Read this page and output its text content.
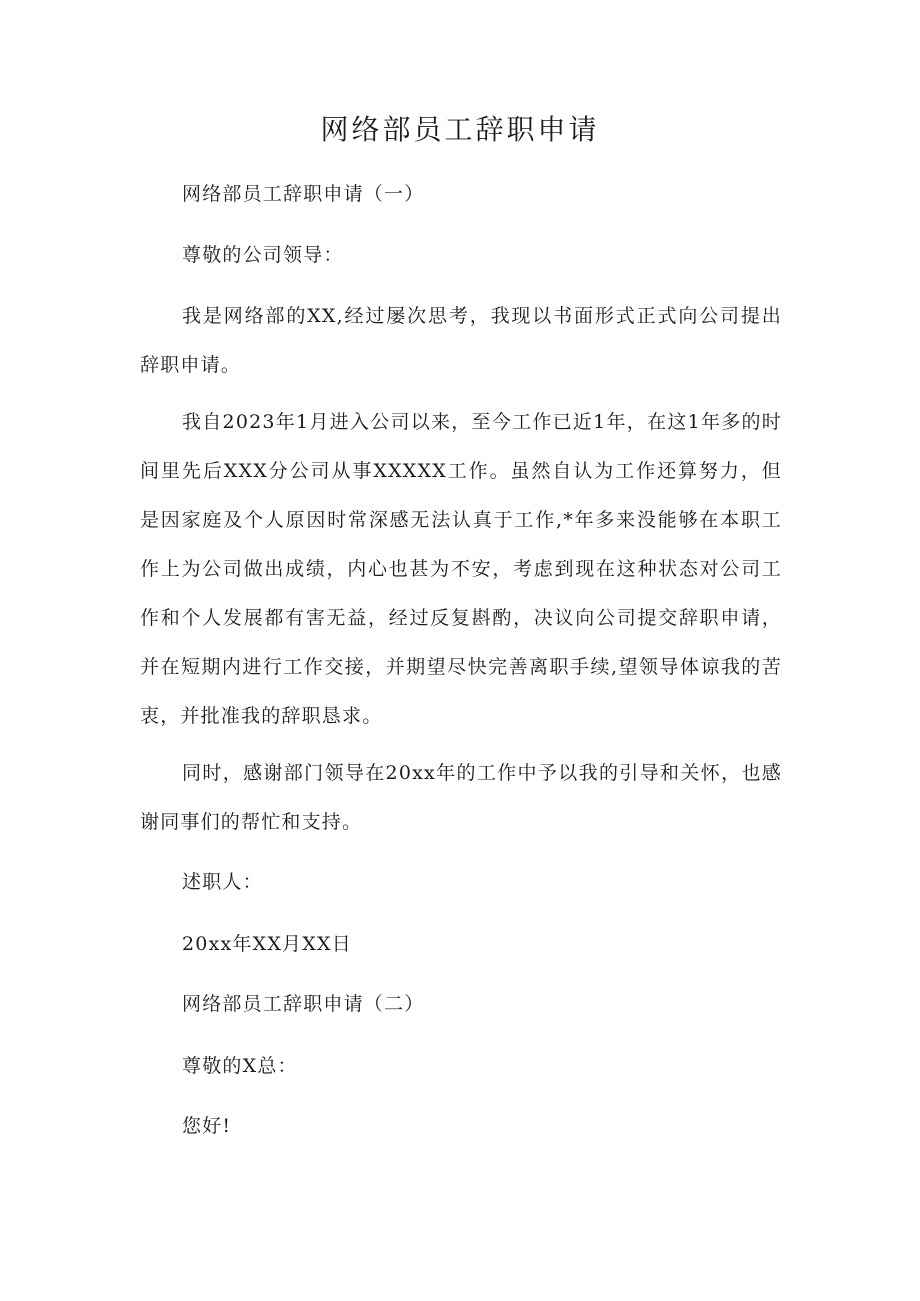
网络部员工辞职申请

网络部员工辞职申请（一）

尊敬的公司领导：

我是网络部的XX,经过屡次思考，我现以书面形式正式向公司提出辞职申请。

我自2023年1月进入公司以来，至今工作已近1年，在这1年多的时间里先后XXX分公司从事XXXXX工作。虽然自认为工作还算努力，但是因家庭及个人原因时常深感无法认真于工作,*年多来没能够在本职工作上为公司做出成绩，内心也甚为不安，考虑到现在这种状态对公司工作和个人发展都有害无益，经过反复斟酌，决议向公司提交辞职申请，并在短期内进行工作交接，并期望尽快完善离职手续,望领导体谅我的苦衷，并批准我的辞职恳求。

同时，感谢部门领导在20xx年的工作中予以我的引导和关怀，也感谢同事们的帮忙和支持。

述职人：

20xx年XX月XX日

网络部员工辞职申请（二）

尊敬的X总：

您好!
